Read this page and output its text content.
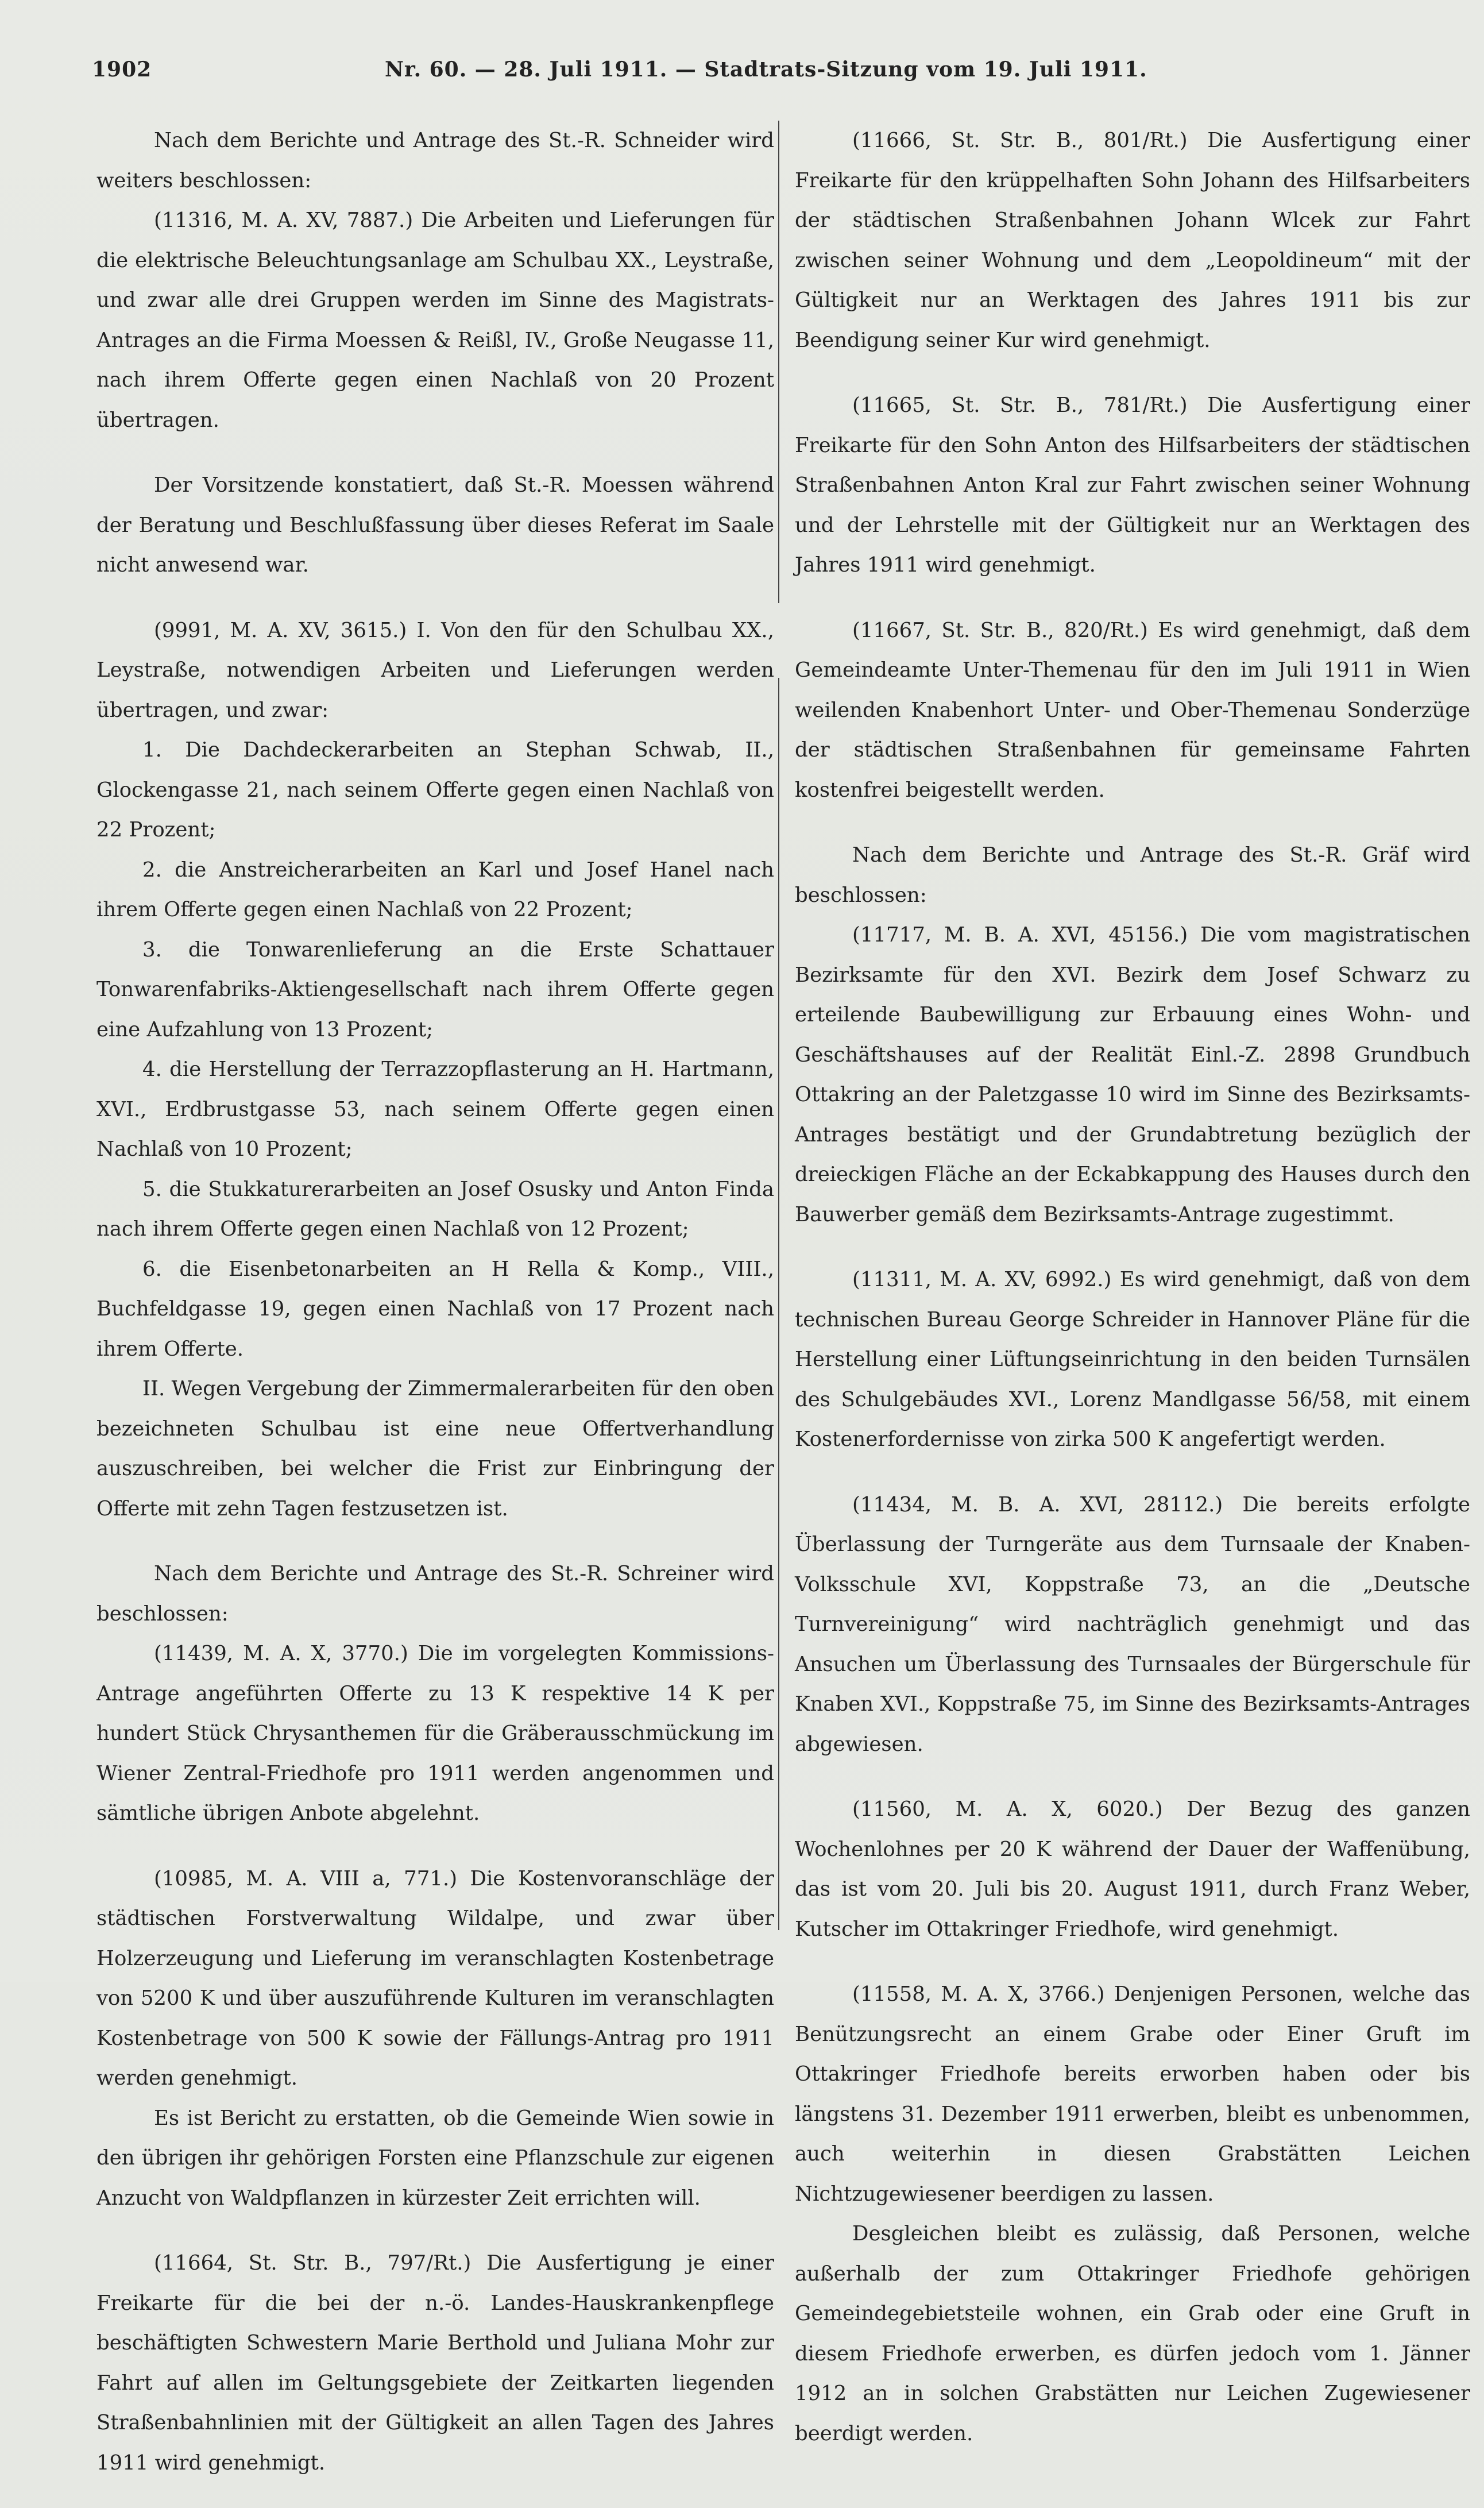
1902	Nr. 60. — 28. Juli 1911. — Stadtrats-Sitzung vom 19. Juli 1911.

Nach dem Berichte und Antrage des St.-R. Schneider wird weiters beschlossen:

(11316, M. A. XV, 7887.) Die Arbeiten und Lieferungen für die elektrische Beleuchtungsanlage am Schulbau XX., Leystraße, und zwar alle drei Gruppen werden im Sinne des Magistrats-Antrages an die Firma Moessen & Reißl, IV., Große Neugasse 11, nach ihrem Offerte gegen einen Nachlaß von 20 Prozent übertragen.

Der Vorsitzende konstatiert, daß St.-R. Moessen während der Beratung und Beschlußfassung über dieses Referat im Saale nicht anwesend war.

(9991, M. A. XV, 3615.) I. Von den für den Schulbau XX., Leystraße, notwendigen Arbeiten und Lieferungen werden übertragen, und zwar:

1. Die Dachdeckerarbeiten an Stephan Schwab, II., Glockengasse 21, nach seinem Offerte gegen einen Nachlaß von 22 Prozent;

2. die Anstreicherarbeiten an Karl und Josef Hanel nach ihrem Offerte gegen einen Nachlaß von 22 Prozent;

3. die Tonwarenlieferung an die Erste Schattauer Tonwarenfabriks-Aktiengesellschaft nach ihrem Offerte gegen eine Aufzahlung von 13 Prozent;

4. die Herstellung der Terrazzopflasterung an H. Hartmann, XVI., Erdbrustgasse 53, nach seinem Offerte gegen einen Nachlaß von 10 Prozent;

5. die Stukkaturerarbeiten an Josef Osusky und Anton Finda nach ihrem Offerte gegen einen Nachlaß von 12 Prozent;

6. die Eisenbetonarbeiten an H Rella & Komp., VIII., Buchfeldgasse 19, gegen einen Nachlaß von 17 Prozent nach ihrem Offerte.

II. Wegen Vergebung der Zimmermalerarbeiten für den oben bezeichneten Schulbau ist eine neue Offertverhandlung auszuschreiben, bei welcher die Frist zur Einbringung der Offerte mit zehn Tagen festzusetzen ist.

Nach dem Berichte und Antrage des St.-R. Schreiner wird beschlossen:

(11439, M. A. X, 3770.) Die im vorgelegten Kommissions-Antrage angeführten Offerte zu 13 K respektive 14 K per hundert Stück Chrysanthemen für die Gräberausschmückung im Wiener Zentral-Friedhofe pro 1911 werden angenommen und sämtliche übrigen Anbote abgelehnt.

(10985, M. A. VIII a, 771.) Die Kostenvoranschläge der städtischen Forstverwaltung Wildalpe, und zwar über Holzerzeugung und Lieferung im veranschlagten Kostenbetrage von 5200 K und über auszuführende Kulturen im veranschlagten Kostenbetrage von 500 K sowie der Fällungs-Antrag pro 1911 werden genehmigt.

Es ist Bericht zu erstatten, ob die Gemeinde Wien sowie in den übrigen ihr gehörigen Forsten eine Pflanzschule zur eigenen Anzucht von Waldpflanzen in kürzester Zeit errichten will.

(11664, St. Str. B., 797/Rt.) Die Ausfertigung je einer Freikarte für die bei der n.-ö. Landes-Hauskrankenpflege beschäftigten Schwestern Marie Berthold und Juliana Mohr zur Fahrt auf allen im Geltungsgebiete der Zeitkarten liegenden Straßenbahnlinien mit der Gültigkeit an allen Tagen des Jahres 1911 wird genehmigt.

(11666, St. Str. B., 801/Rt.) Die Ausfertigung einer Freikarte für den krüppelhaften Sohn Johann des Hilfsarbeiters der städtischen Straßenbahnen Johann Wlcek zur Fahrt zwischen seiner Wohnung und dem „Leopoldineum“ mit der Gültigkeit nur an Werktagen des Jahres 1911 bis zur Beendigung seiner Kur wird genehmigt.

(11665, St. Str. B., 781/Rt.) Die Ausfertigung einer Freikarte für den Sohn Anton des Hilfsarbeiters der städtischen Straßenbahnen Anton Kral zur Fahrt zwischen seiner Wohnung und der Lehrstelle mit der Gültigkeit nur an Werktagen des Jahres 1911 wird genehmigt.

(11667, St. Str. B., 820/Rt.) Es wird genehmigt, daß dem Gemeindeamte Unter-Themenau für den im Juli 1911 in Wien weilenden Knabenhort Unter- und Ober-Themenau Sonderzüge der städtischen Straßenbahnen für gemeinsame Fahrten kostenfrei beigestellt werden.

Nach dem Berichte und Antrage des St.-R. Gräf wird beschlossen:

(11717, M. B. A. XVI, 45156.) Die vom magistratischen Bezirksamte für den XVI. Bezirk dem Josef Schwarz zu erteilende Baubewilligung zur Erbauung eines Wohn- und Geschäftshauses auf der Realität Einl.-Z. 2898 Grundbuch Ottakring an der Paletzgasse 10 wird im Sinne des Bezirksamts-Antrages bestätigt und der Grundabtretung bezüglich der dreieckigen Fläche an der Eckabkappung des Hauses durch den Bauwerber gemäß dem Bezirksamts-Antrage zugestimmt.

(11311, M. A. XV, 6992.) Es wird genehmigt, daß von dem technischen Bureau George Schreider in Hannover Pläne für die Herstellung einer Lüftungseinrichtung in den beiden Turnsälen des Schulgebäudes XVI., Lorenz Mandlgasse 56/58, mit einem Kostenerfordernisse von zirka 500 K angefertigt werden.

(11434, M. B. A. XVI, 28112.) Die bereits erfolgte Überlassung der Turngeräte aus dem Turnsaale der Knaben-Volksschule XVI, Koppstraße 73, an die „Deutsche Turnvereinigung“ wird nachträglich genehmigt und das Ansuchen um Überlassung des Turnsaales der Bürgerschule für Knaben XVI., Koppstraße 75, im Sinne des Bezirksamts-Antrages abgewiesen.

(11560, M. A. X, 6020.) Der Bezug des ganzen Wochenlohnes per 20 K während der Dauer der Waffenübung, das ist vom 20. Juli bis 20. August 1911, durch Franz Weber, Kutscher im Ottakringer Friedhofe, wird genehmigt.

(11558, M. A. X, 3766.) Denjenigen Personen, welche das Benützungsrecht an einem Grabe oder Einer Gruft im Ottakringer Friedhofe bereits erworben haben oder bis längstens 31. Dezember 1911 erwerben, bleibt es unbenommen, auch weiterhin in diesen Grabstätten Leichen Nichtzugewiesener beerdigen zu lassen.

Desgleichen bleibt es zulässig, daß Personen, welche außerhalb der zum Ottakringer Friedhofe gehörigen Gemeindegebietsteile wohnen, ein Grab oder eine Gruft in diesem Friedhofe erwerben, es dürfen jedoch vom 1. Jänner 1912 an in solchen Grabstätten nur Leichen Zugewiesener beerdigt werden.
